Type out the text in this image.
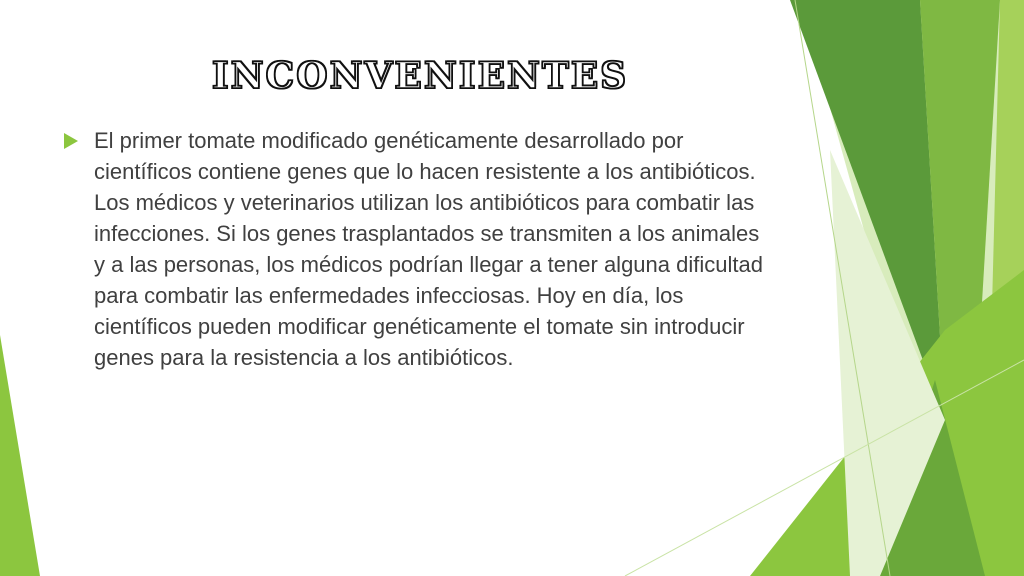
INCONVENIENTES
El primer tomate modificado genéticamente desarrollado por científicos contiene genes que lo hacen resistente a los antibióticos. Los médicos y veterinarios utilizan los antibióticos para combatir las infecciones. Si los genes trasplantados se transmiten a los animales y a las personas, los médicos podrían llegar a tener alguna dificultad para combatir las enfermedades infecciosas. Hoy en día, los científicos pueden modificar genéticamente el tomate sin introducir genes para la resistencia a los antibióticos.
